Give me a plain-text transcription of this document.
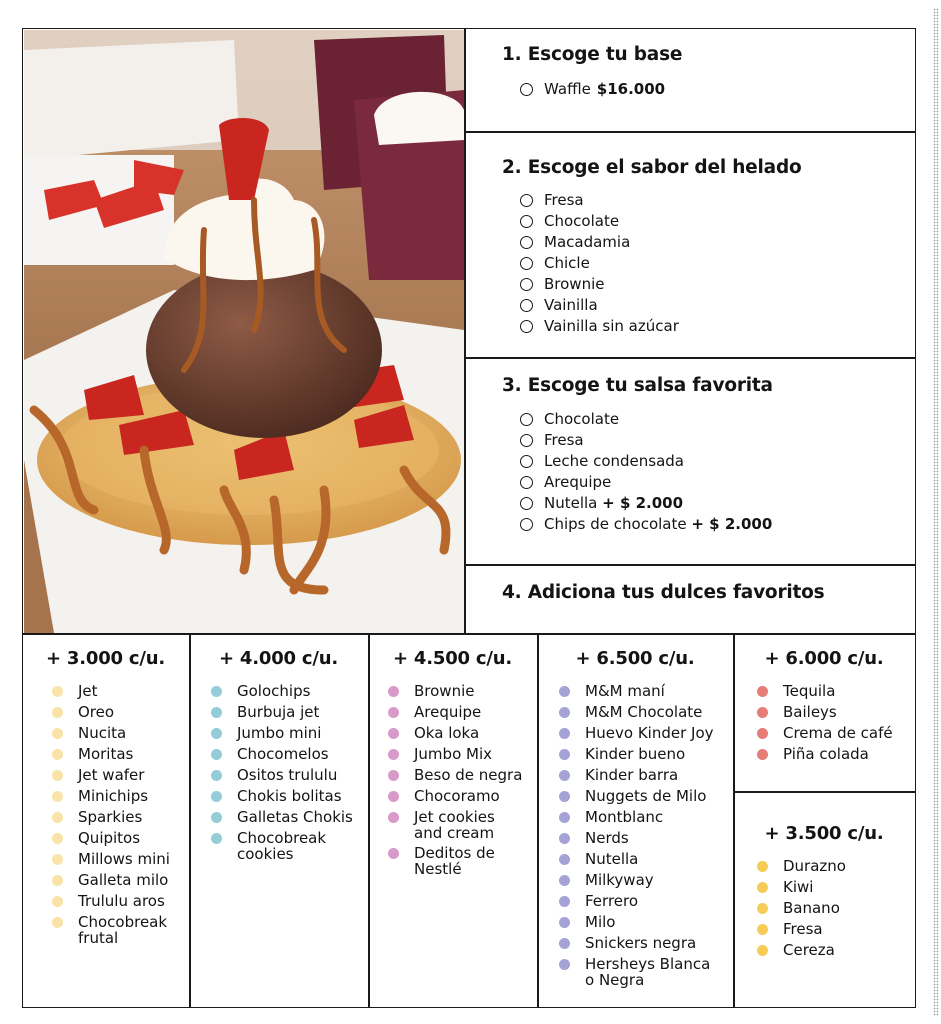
1. Escoge tu base
Waffle $16.000
2. Escoge el sabor del helado
Fresa
Chocolate
Macadamia
Chicle
Brownie
Vainilla
Vainilla sin azúcar
3. Escoge tu salsa favorita
Chocolate
Fresa
Leche condensada
Arequipe
Nutella + $ 2.000
Chips de chocolate + $ 2.000
4. Adiciona tus dulces favoritos
+ 3.000 c/u.
Jet
Oreo
Nucita
Moritas
Jet wafer
Minichips
Sparkies
Quipitos
Millows mini
Galleta milo
Trululu aros
Chocobreak frutal
+ 4.000 c/u.
Golochips
Burbuja jet
Jumbo mini
Chocomelos
Ositos trululu
Chokis bolitas
Galletas Chokis
Chocobreak cookies
+ 4.500 c/u.
Brownie
Arequipe
Oka loka
Jumbo Mix
Beso de negra
Chocoramo
Jet cookies and cream
Deditos de Nestlé
+ 6.500 c/u.
M&M maní
M&M Chocolate
Huevo Kinder Joy
Kinder bueno
Kinder barra
Nuggets de Milo
Montblanc
Nerds
Nutella
Milkyway
Ferrero
Milo
Snickers negra
Hersheys Blanca o Negra
+ 6.000 c/u.
Tequila
Baileys
Crema de café
Piña colada
+ 3.500 c/u.
Durazno
Kiwi
Banano
Fresa
Cereza
